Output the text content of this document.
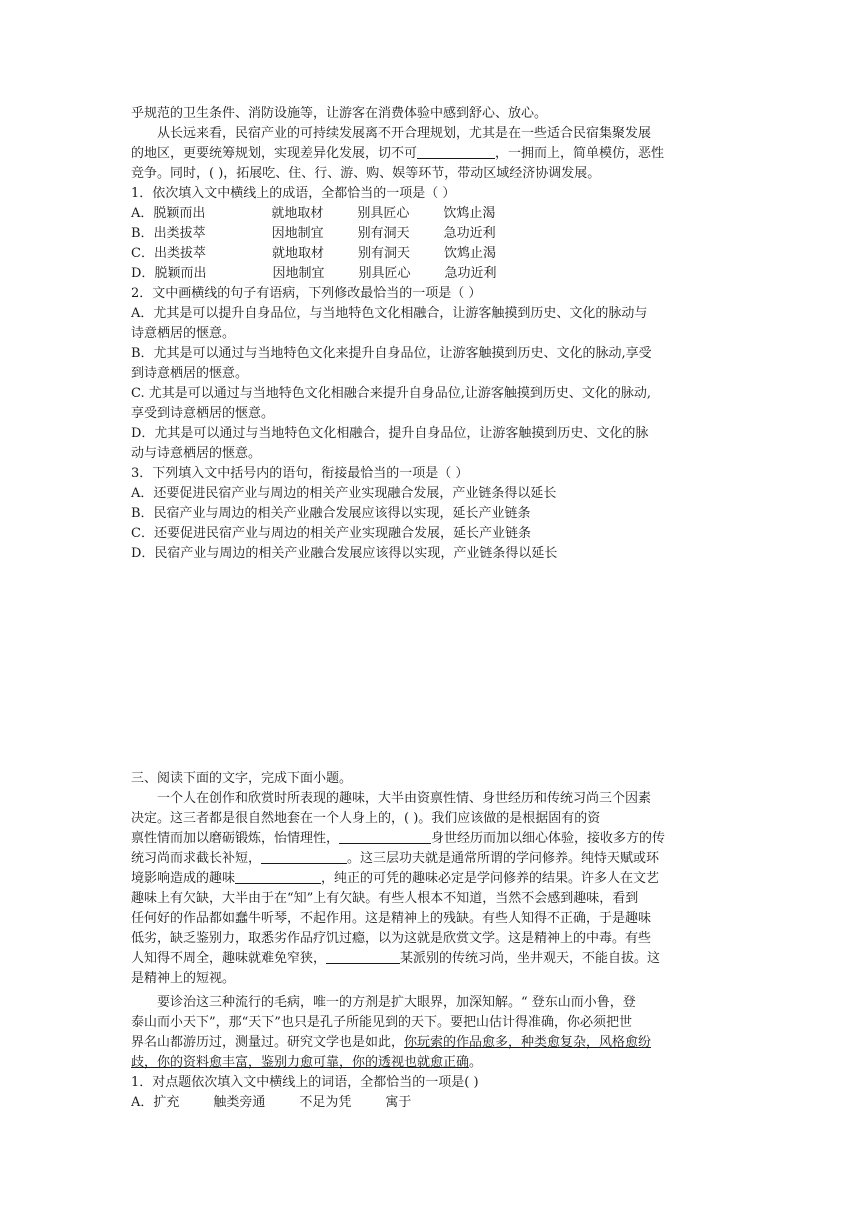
乎规范的卫生条件、消防设施等，让游客在消费体验中感到舒心、放心。
从长远来看，民宿产业的可持续发展离不开合理规划，尤其是在一些适合民宿集聚发展
的地区，更要统筹规划，实现差异化发展，切不可	，一拥而上，简单模仿，恶性
竞争。同时，( )，拓展吃、住、行、游、购、娱等环节，带动区域经济协调发展。
1．依次填入文中横线上的成语，全都恰当的一项是（ ）
A．脱颖而出	就地取材	别具匠心	饮鸩止渴
B．出类拔萃	因地制宜	别有洞天	急功近利
C．出类拔萃	就地取材	别有洞天	饮鸩止渴
D．脱颖而出	因地制宜	别具匠心	急功近利
2．文中画横线的句子有语病，下列修改最恰当的一项是（ ）
A．尤其是可以提升自身品位，与当地特色文化相融合，让游客触摸到历史、文化的脉动与
诗意栖居的惬意。
B．尤其是可以通过与当地特色文化来提升自身品位，让游客触摸到历史、文化的脉动,享受
到诗意栖居的惬意。
C. 尤其是可以通过与当地特色文化相融合来提升自身品位,让游客触摸到历史、文化的脉动,
享受到诗意栖居的惬意。
D．尤其是可以通过与当地特色文化相融合，提升自身品位，让游客触摸到历史、文化的脉
动与诗意栖居的惬意。
3．下列填入文中括号内的语句，衔接最恰当的一项是（ ）
A．还要促进民宿产业与周边的相关产业实现融合发展，产业链条得以延长
B．民宿产业与周边的相关产业融合发展应该得以实现，延长产业链条
C．还要促进民宿产业与周边的相关产业实现融合发展，延长产业链条
D．民宿产业与周边的相关产业融合发展应该得以实现，产业链条得以延长
三、阅读下面的文字，完成下面小题。
一个人在创作和欣赏时所表现的趣味，大半由资禀性情、身世经历和传统习尚三个因素
决定。这三者都是很自然地套在一个人身上的，( )。我们应该做的是根据固有的资
禀性情而加以磨砺锻炼，怡情理性，	身世经历而加以细心体验，接收多方的传
统习尚而求截长补短，	。这三层功夫就是通常所谓的学问修养。纯恃天赋或环
境影响造成的趣味	，纯正的可凭的趣味必定是学问修养的结果。许多人在文艺
趣味上有欠缺，大半由于在“知”上有欠缺。有些人根本不知道，当然不会感到趣味，看到
任何好的作品都如蠢牛听琴，不起作用。这是精神上的残缺。有些人知得不正确，于是趣味
低劣，缺乏鉴别力，取悉劣作品疗饥过瘾，以为这就是欣赏文学。这是精神上的中毒。有些
人知得不周全，趣味就难免窄狭，	某派别的传统习尚，坐井观天，不能自拔。这
是精神上的短视。
要诊治这三种流行的毛病，唯一的方剂是扩大眼界，加深知解。“ 登东山而小鲁，登
泰山而小天下”，那“天下”也只是孔子所能见到的天下。要把山估计得准确，你必须把世
界名山都游历过，测量过。研究文学也是如此，你玩索的作品愈多，种类愈复杂，风格愈纷
歧，你的资料愈丰富，鉴别力愈可靠，你的透视也就愈正确。
1．对点题依次填入文中横线上的词语，全都恰当的一项是( )
A．扩充	触类旁通	不足为凭	寓于
